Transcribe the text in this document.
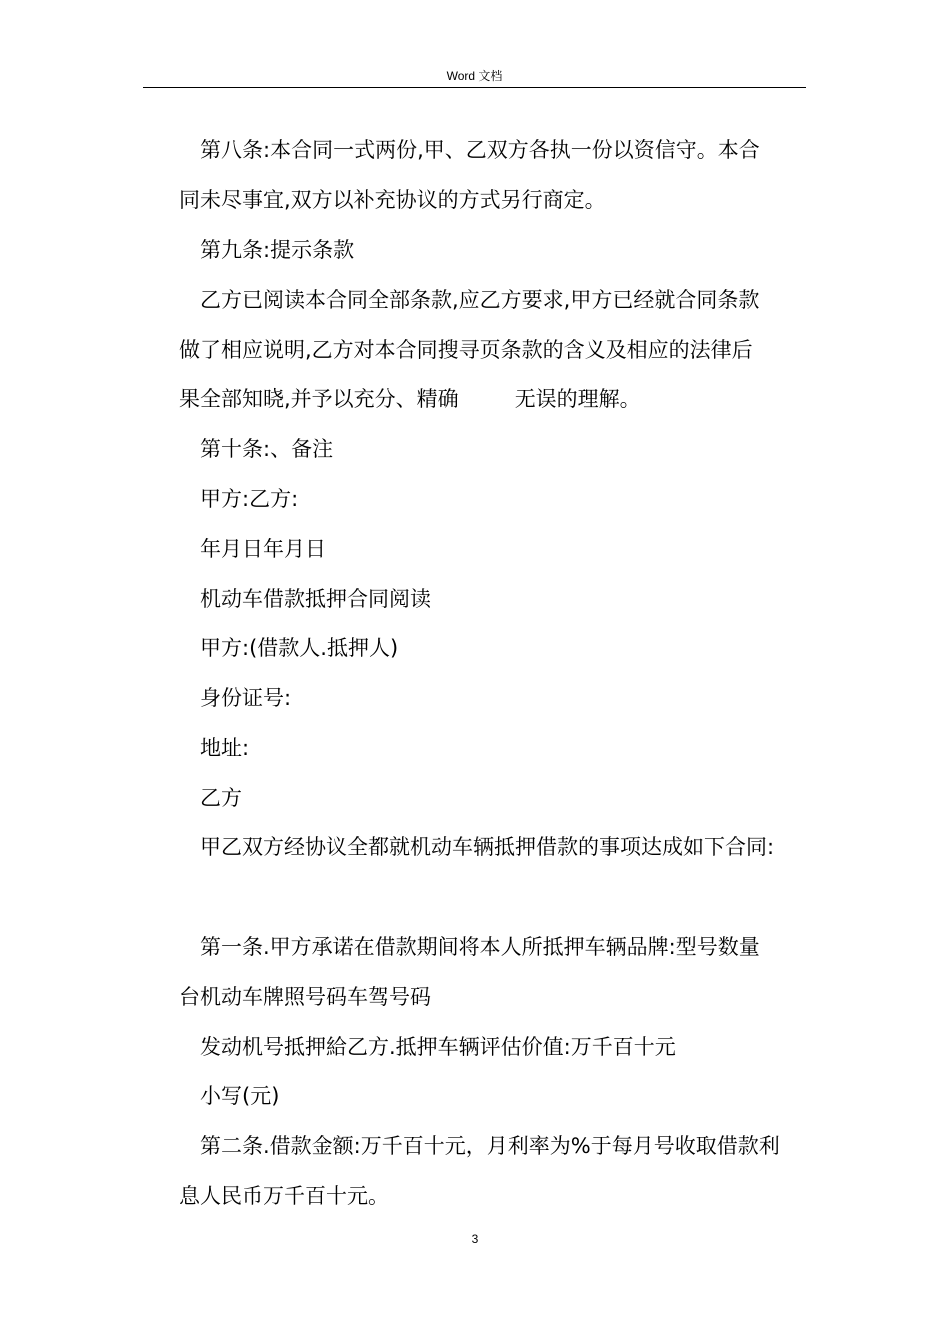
Word 文档
第八条:本合同一式两份,甲、乙双方各执一份以资信守。本合
同未尽事宜,双方以补充协议的方式另行商定。
第九条:提示条款
乙方已阅读本合同全部条款,应乙方要求,甲方已经就合同条款
做了相应说明,乙方对本合同搜寻页条款的含义及相应的法律后
果全部知晓,并予以充分、精确	无误的理解。
第十条:、备注
甲方:乙方:
年月日年月日
机动车借款抵押合同阅读
甲方:(借款人.抵押人)
身份证号:
地址:
乙方
甲乙双方经协议全都就机动车辆抵押借款的事项达成如下合同:
第一条.甲方承诺在借款期间将本人所抵押车辆品牌:型号数量
台机动车牌照号码车驾号码
发动机号抵押給乙方.抵押车辆评估价值:万千百十元
小写(元)
第二条.借款金额:万千百十元，月利率为%于每月号收取借款利
息人民币万千百十元。
3
